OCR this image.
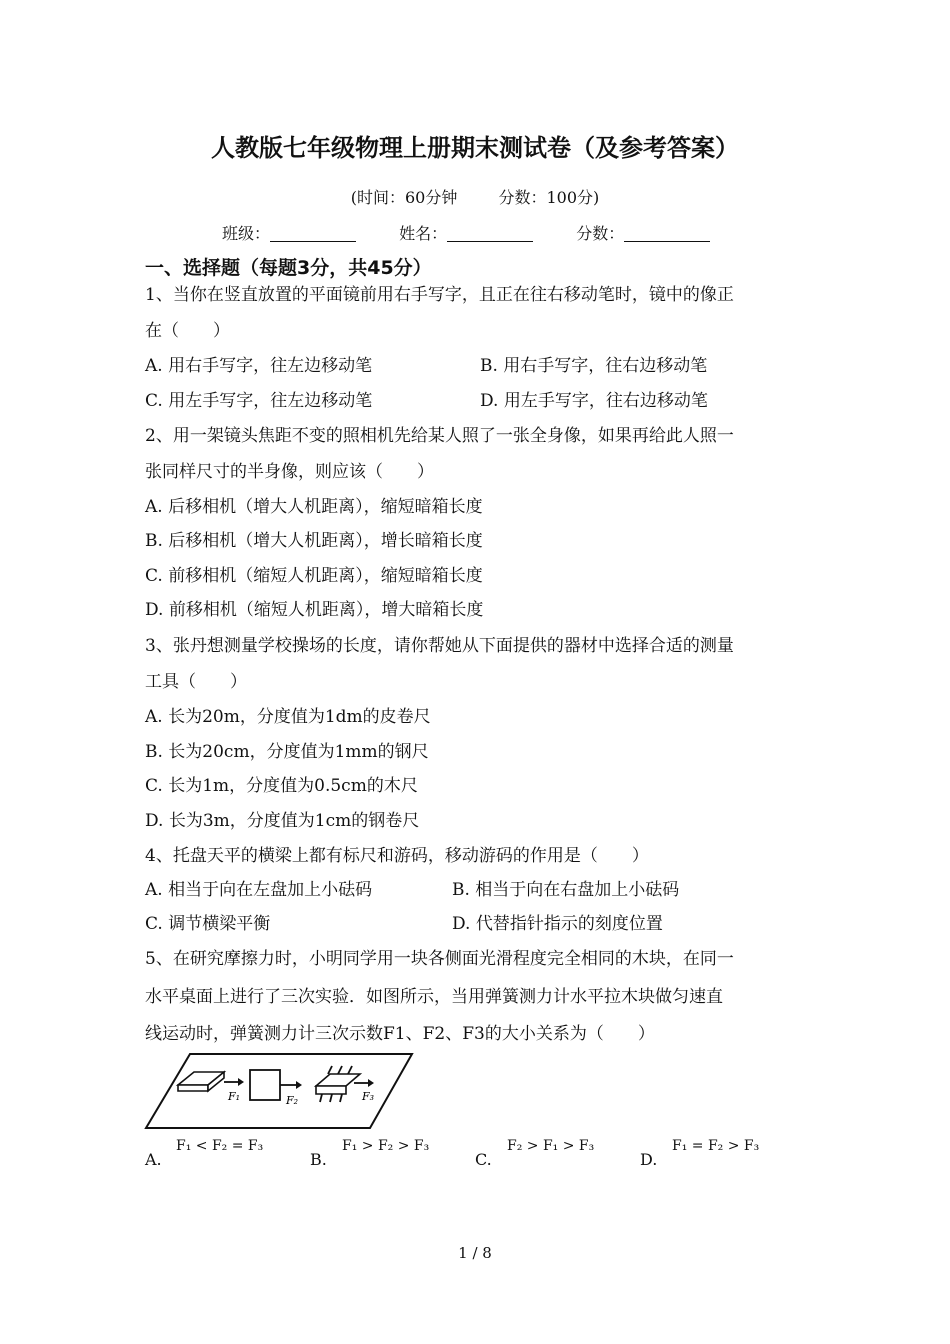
人教版七年级物理上册期末测试卷（及参考答案）
(时间：60分钟	分数：100分)
班级：	姓名：	分数：
一、选择题（每题3分，共45分）
1、当你在竖直放置的平面镜前用右手写字，且正在往右移动笔时，镜中的像正
在（　　）
A. 用右手写字，往左边移动笔	B. 用右手写字，往右边移动笔
C. 用左手写字，往左边移动笔	D. 用左手写字，往右边移动笔
2、用一架镜头焦距不变的照相机先给某人照了一张全身像，如果再给此人照一
张同样尺寸的半身像，则应该（　　）
A. 后移相机（增大人机距离），缩短暗箱长度
B. 后移相机（增大人机距离），增长暗箱长度
C. 前移相机（缩短人机距离），缩短暗箱长度
D. 前移相机（缩短人机距离），增大暗箱长度
3、张丹想测量学校操场的长度，请你帮她从下面提供的器材中选择合适的测量
工具（　　）
A. 长为20m，分度值为1dm的皮卷尺
B. 长为20cm，分度值为1mm的钢尺
C. 长为1m，分度值为0.5cm的木尺
D. 长为3m，分度值为1cm的钢卷尺
4、托盘天平的横梁上都有标尺和游码，移动游码的作用是（　　）
A. 相当于向在左盘加上小砝码	B. 相当于向在右盘加上小砝码
C. 调节横梁平衡	D. 代替指针指示的刻度位置
5、在研究摩擦力时，小明同学用一块各侧面光滑程度完全相同的木块，在同一
水平桌面上进行了三次实验．如图所示，当用弹簧测力计水平拉木块做匀速直
线运动时，弹簧测力计三次示数F1、F2、F3的大小关系为（　　）
F₁	F₂	F₃
A.
F₁ < F₂ = F₃
B.
F₁ > F₂ > F₃
C.
F₂ > F₁ > F₃
D.
F₁ = F₂ > F₃
1 / 8
